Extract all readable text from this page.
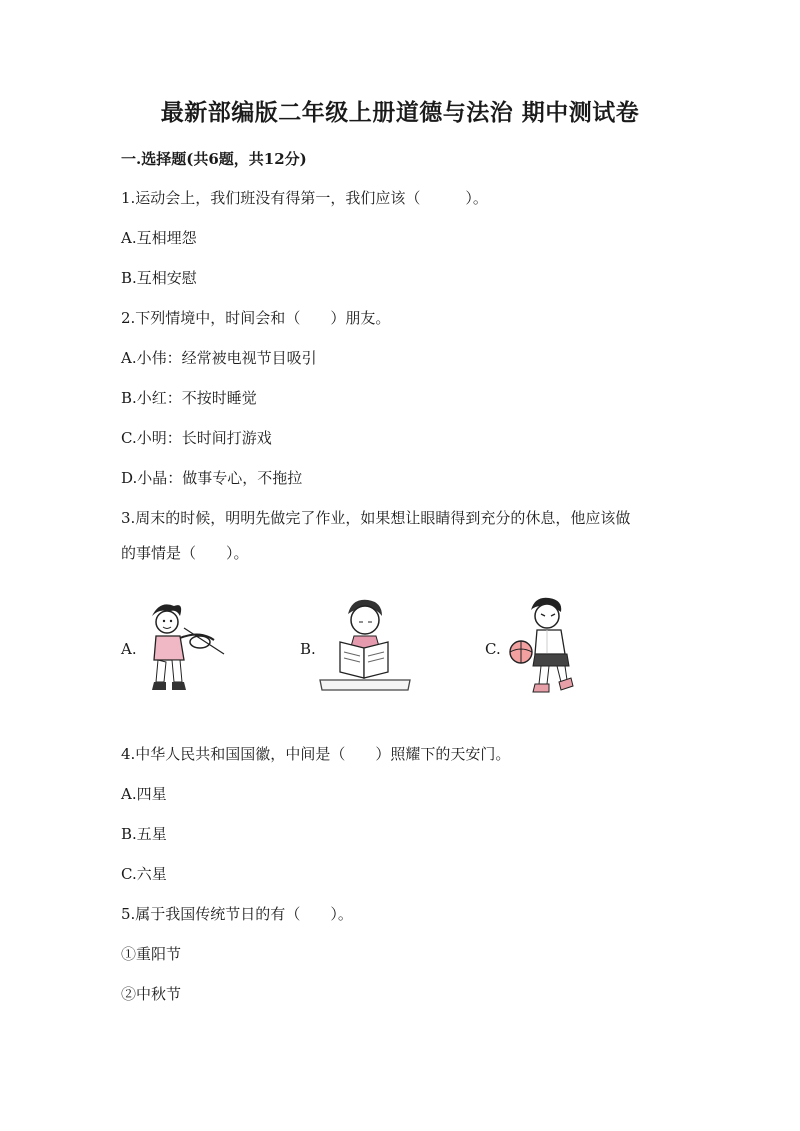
最新部编版二年级上册道德与法治 期中测试卷
一.选择题(共6题，共12分)
1.运动会上，我们班没有得第一，我们应该（　　　）。
A.互相埋怨
B.互相安慰
2.下列情境中，时间会和（　　）朋友。
A.小伟：经常被电视节目吸引
B.小红：不按时睡觉
C.小明：长时间打游戏
D.小晶：做事专心，不拖拉
3.周末的时候，明明先做完了作业，如果想让眼睛得到充分的休息，他应该做
的事情是（　　）。
A.	B.	C.
4.中华人民共和国国徽，中间是（　　）照耀下的天安门。
A.四星
B.五星
C.六星
5.属于我国传统节日的有（　　）。
①重阳节
②中秋节
